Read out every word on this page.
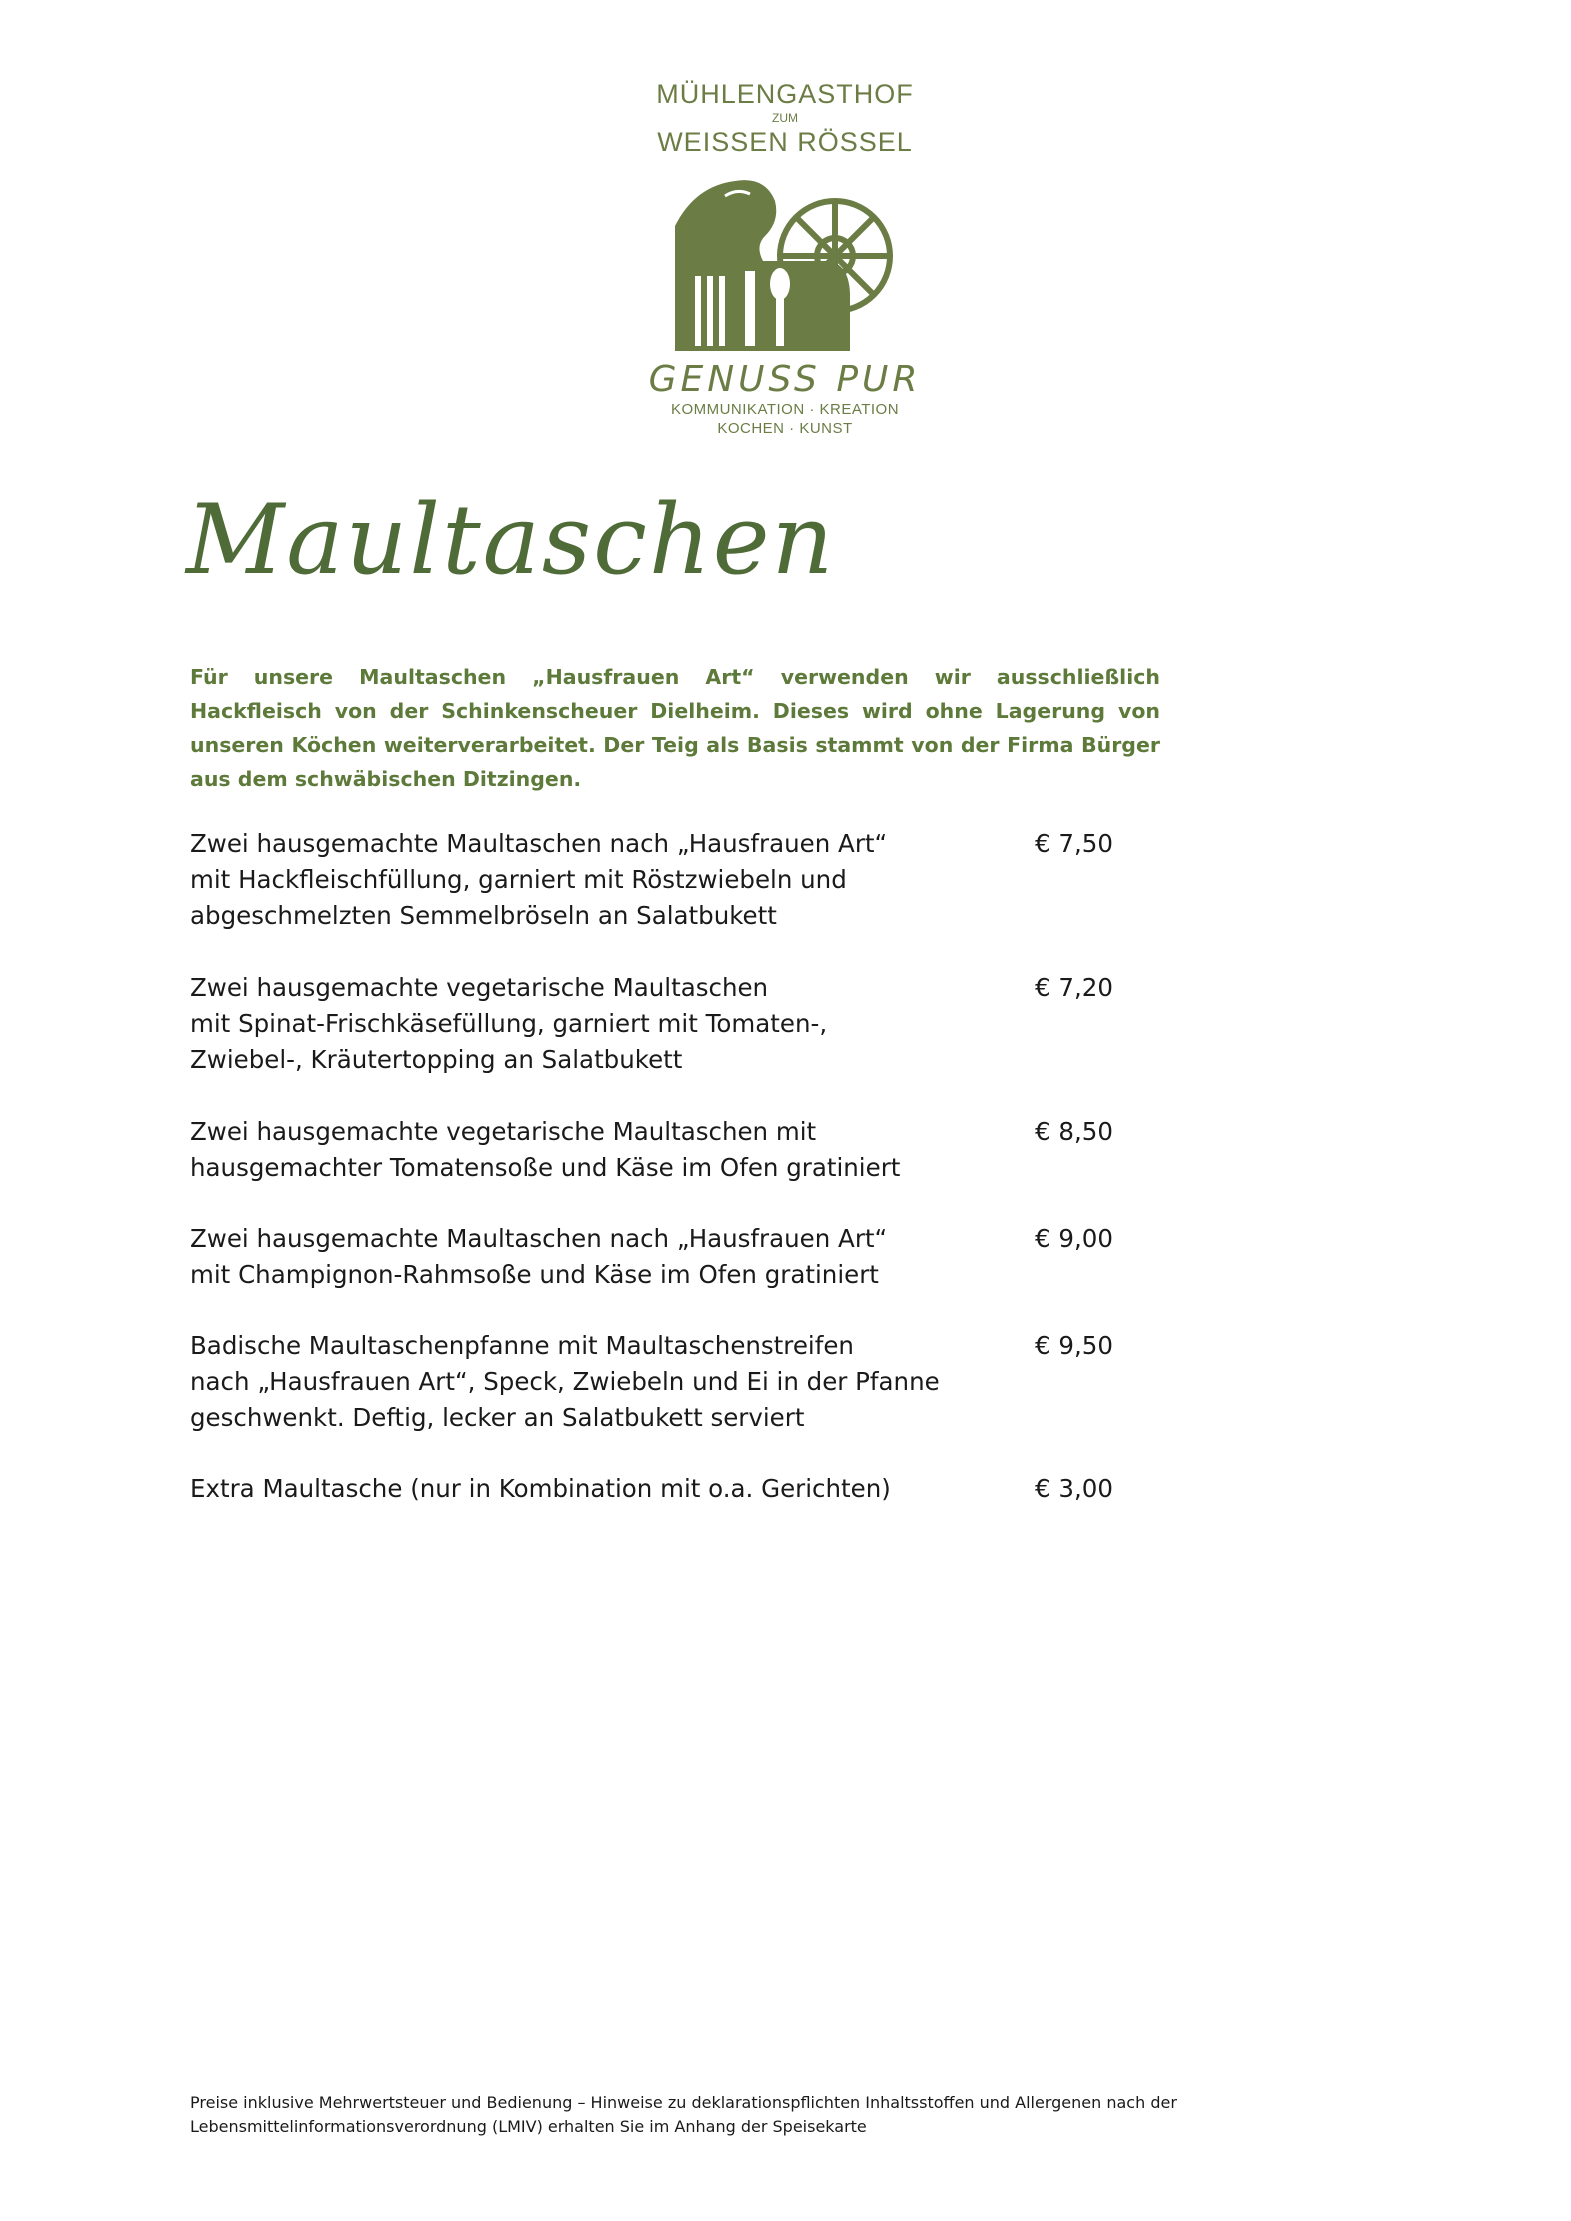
MÜHLENGASTHOF
ZUM
WEISSEN RÖSSEL
GENUSS PUR
KOMMUNIKATION · KREATION
KOCHEN · KUNST
Maultaschen
Für unsere Maultaschen „Hausfrauen Art“ verwenden wir ausschließlich Hackfleisch von der Schinkenscheuer Dielheim. Dieses wird ohne Lagerung von unseren Köchen weiterverarbeitet. Der Teig als Basis stammt von der Firma Bürger aus dem schwäbischen Ditzingen.
Zwei hausgemachte Maultaschen nach „Hausfrauen Art“
mit Hackfleischfüllung, garniert mit Röstzwiebeln und
abgeschmelzten Semmelbröseln an Salatbukett
€ 7,50
Zwei hausgemachte vegetarische Maultaschen
mit Spinat-Frischkäsefüllung, garniert mit Tomaten-,
Zwiebel-, Kräutertopping an Salatbukett
€ 7,20
Zwei hausgemachte vegetarische Maultaschen mit
hausgemachter Tomatensoße und Käse im Ofen gratiniert
€ 8,50
Zwei hausgemachte Maultaschen nach „Hausfrauen Art“
mit Champignon-Rahmsoße und Käse im Ofen gratiniert
€ 9,00
Badische Maultaschenpfanne mit Maultaschenstreifen
nach „Hausfrauen Art“, Speck, Zwiebeln und Ei in der Pfanne
geschwenkt. Deftig, lecker an Salatbukett serviert
€ 9,50
Extra Maultasche (nur in Kombination mit o.a. Gerichten)	€ 3,00
Preise inklusive Mehrwertsteuer und Bedienung – Hinweise zu deklarationspflichten Inhaltsstoffen und Allergenen nach der
Lebensmittelinformationsverordnung (LMIV) erhalten Sie im Anhang der Speisekarte
